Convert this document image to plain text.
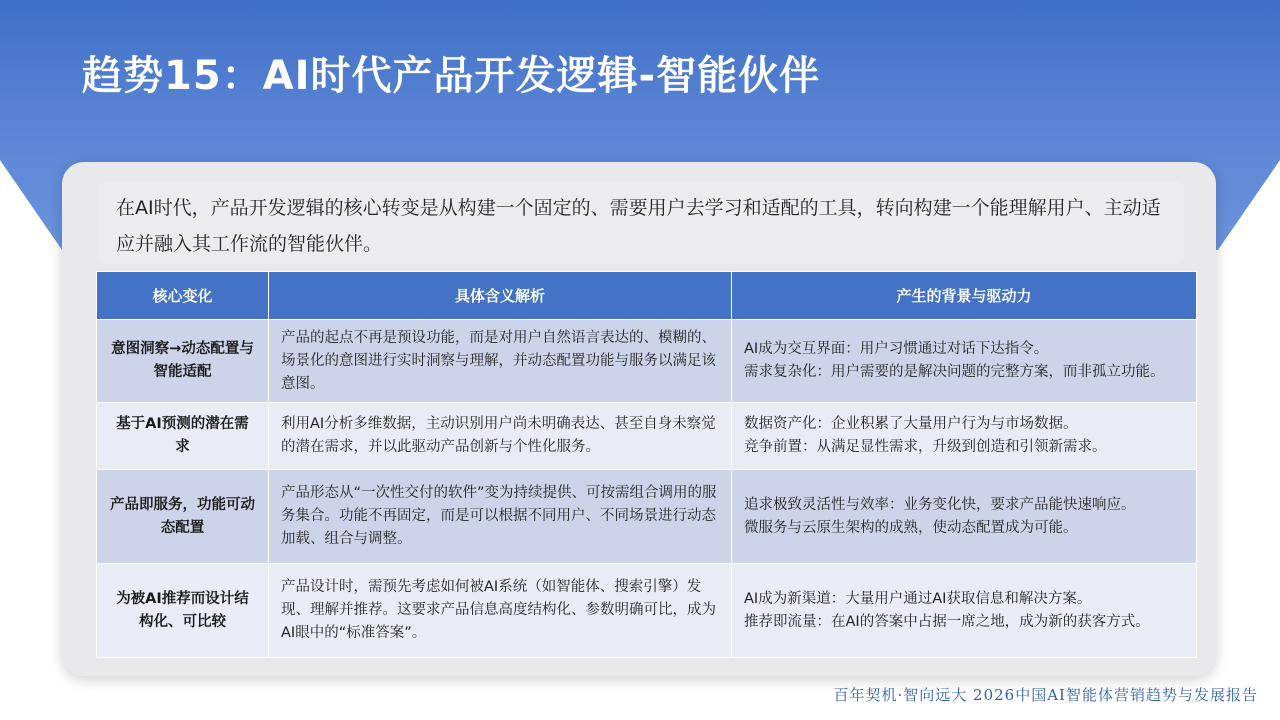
趋势15：AI时代产品开发逻辑-智能伙伴
在AI时代，产品开发逻辑的核心转变是从构建一个固定的、需要用户去学习和适配的工具，转向构建一个能理解用户、主动适应并融入其工作流的智能伙伴。
核心变化	具体含义解析	产生的背景与驱动力
意图洞察→动态配置与智能适配	产品的起点不再是预设功能，而是对用户自然语言表达的、模糊的、场景化的意图进行实时洞察与理解，并动态配置功能与服务以满足该意图。	AI成为交互界面：用户习惯通过对话下达指令。
需求复杂化：用户需要的是解决问题的完整方案，而非孤立功能。

基于AI预测的潜在需求	利用AI分析多维数据，主动识别用户尚未明确表达、甚至自身未察觉的潜在需求，并以此驱动产品创新与个性化服务。	数据资产化：企业积累了大量用户行为与市场数据。
竞争前置：从满足显性需求，升级到创造和引领新需求。

产品即服务，功能可动态配置	产品形态从“一次性交付的软件”变为持续提供、可按需组合调用的服务集合。功能不再固定，而是可以根据不同用户、不同场景进行动态加载、组合与调整。	追求极致灵活性与效率：业务变化快，要求产品能快速响应。
微服务与云原生架构的成熟，使动态配置成为可能。

为被AI推荐而设计结构化、可比较	产品设计时，需预先考虑如何被AI系统（如智能体、搜索引擎）发现、理解并推荐。这要求产品信息高度结构化、参数明确可比，成为AI眼中的“标准答案”。	AI成为新渠道：大量用户通过AI获取信息和解决方案。
推荐即流量：在AI的答案中占据一席之地，成为新的获客方式。
百年契机·智向远大 2026中国AI智能体营销趋势与发展报告
